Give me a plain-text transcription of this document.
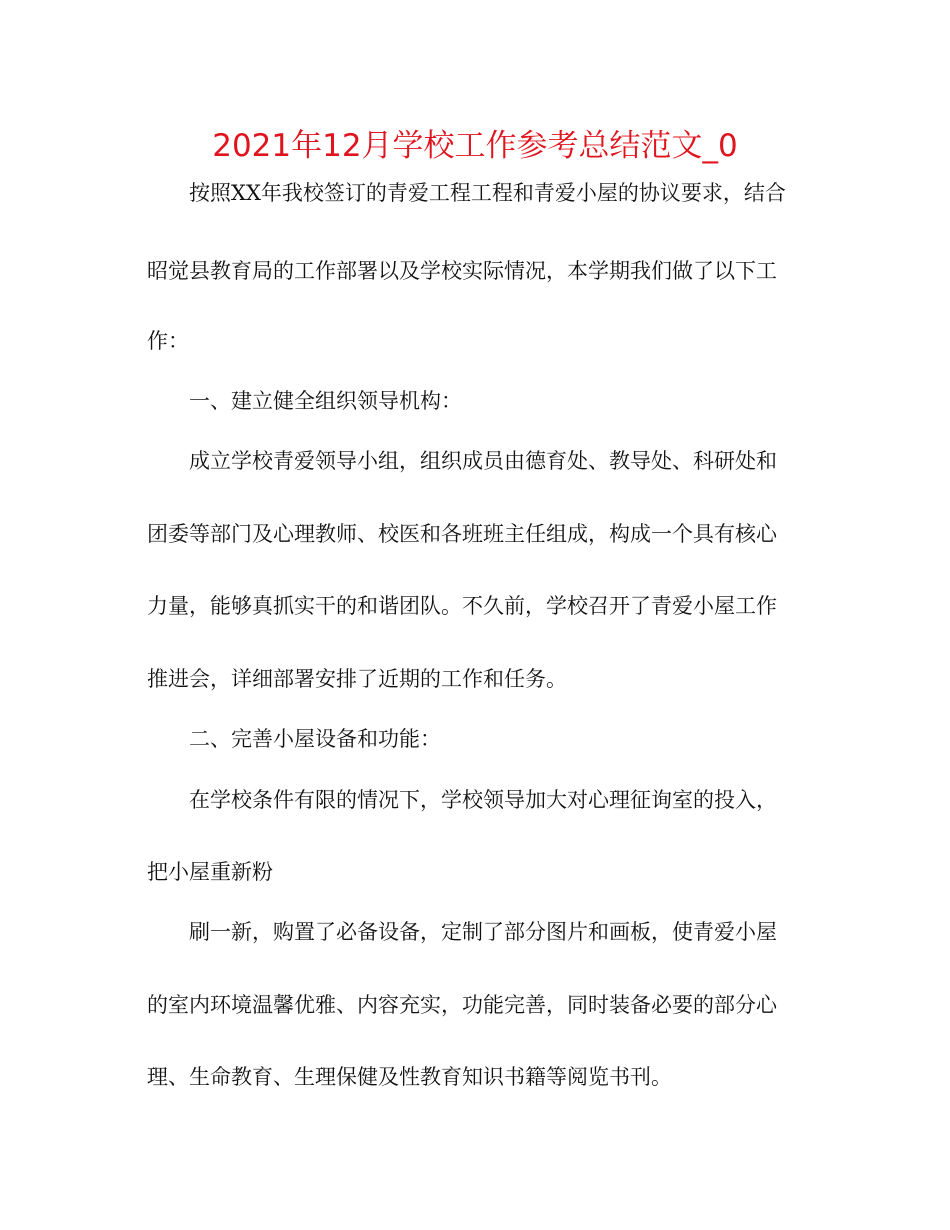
2021年12月学校工作参考总结范文_0

　　按照XX年我校签订的青爱工程工程和青爱小屋的协议要求，结合

昭觉县教育局的工作部署以及学校实际情况，本学期我们做了以下工

作：

　　一、建立健全组织领导机构：

　　成立学校青爱领导小组，组织成员由德育处、教导处、科研处和

团委等部门及心理教师、校医和各班班主任组成，构成一个具有核心

力量，能够真抓实干的和谐团队。不久前，学校召开了青爱小屋工作

推进会，详细部署安排了近期的工作和任务。

　　二、完善小屋设备和功能：

　　在学校条件有限的情况下，学校领导加大对心理征询室的投入，

把小屋重新粉

　　刷一新，购置了必备设备，定制了部分图片和画板，使青爱小屋

的室内环境温馨优雅、内容充实，功能完善，同时装备必要的部分心

理、生命教育、生理保健及性教育知识书籍等阅览书刊。
